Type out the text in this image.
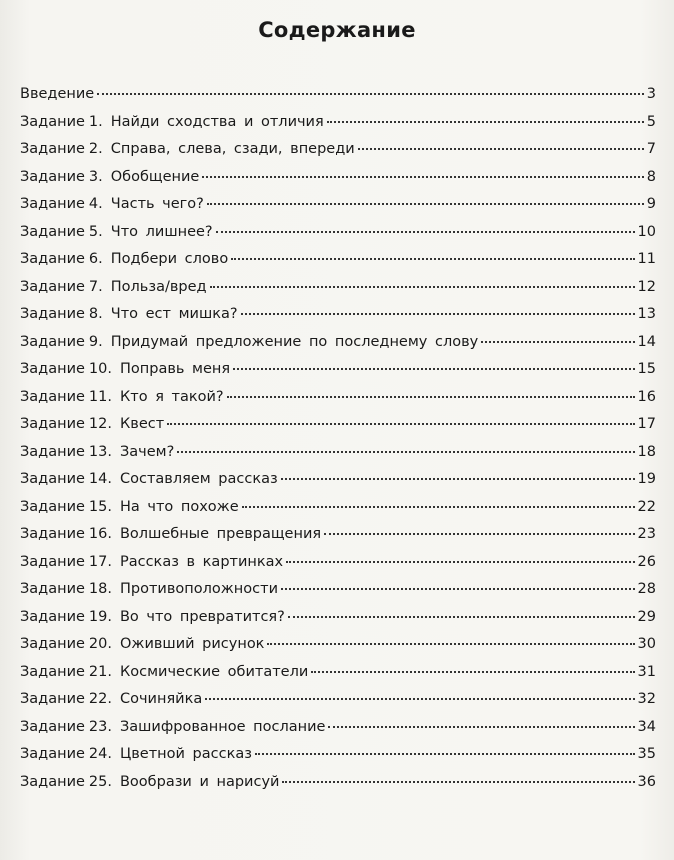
Содержание
Введение	3
Задание 1. Найди сходства и отличия	5
Задание 2. Справа, слева, сзади, впереди	7
Задание 3. Обобщение	8
Задание 4. Часть чего?	9
Задание 5. Что лишнее?	10
Задание 6. Подбери слово	11
Задание 7. Польза/вред	12
Задание 8. Что ест мишка?	13
Задание 9. Придумай предложение по последнему слову	14
Задание 10. Поправь меня	15
Задание 11. Кто я такой?	16
Задание 12. Квест	17
Задание 13. Зачем?	18
Задание 14. Составляем рассказ	19
Задание 15. На что похоже	22
Задание 16. Волшебные превращения	23
Задание 17. Рассказ в картинках	26
Задание 18. Противоположности	28
Задание 19. Во что превратится?	29
Задание 20. Оживший рисунок	30
Задание 21. Космические обитатели	31
Задание 22. Сочиняйка	32
Задание 23. Зашифрованное послание	34
Задание 24. Цветной рассказ	35
Задание 25. Вообрази и нарисуй	36
